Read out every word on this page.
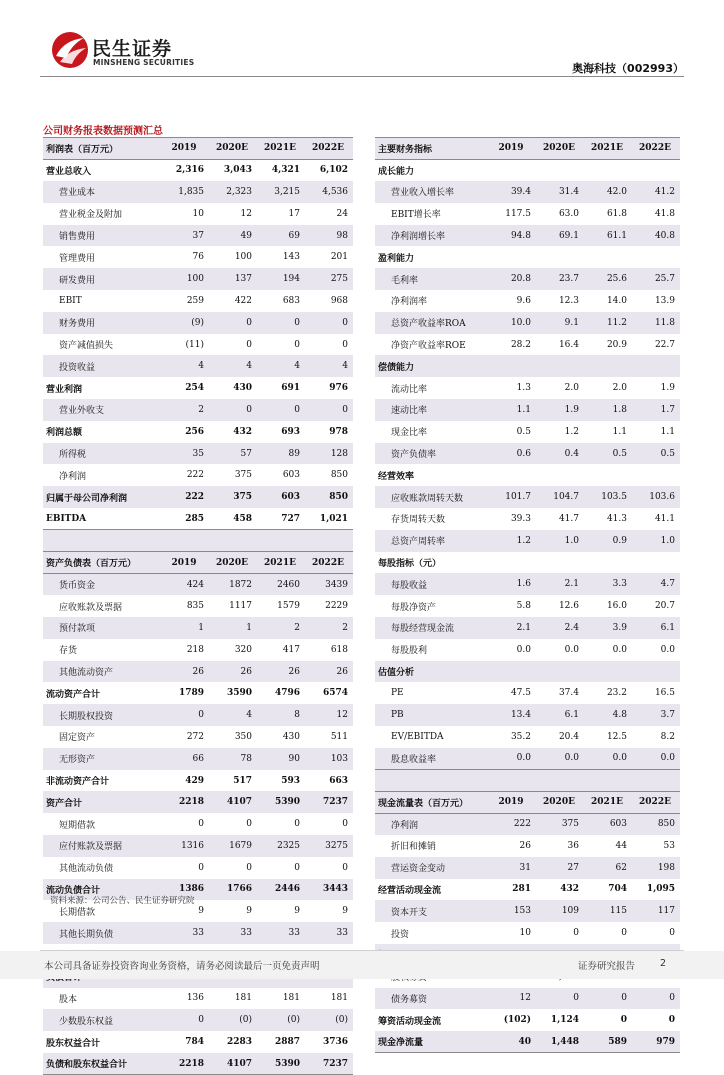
民生证券
MINSHENG SECURITIES	奥海科技（002993）
公司财务报表数据预测汇总
利润表（百万元）	2019	2020E	2021E	2022E
营业总收入	2,316	3,043	4,321	6,102
营业成本	1,835	2,323	3,215	4,536
营业税金及附加	10	12	17	24
销售费用	37	49	69	98
管理费用	76	100	143	201
研发费用	100	137	194	275
EBIT	259	422	683	968
财务费用	(9)	0	0	0
资产减值损失	(11)	0	0	0
投资收益	4	4	4	4
营业利润	254	430	691	976
营业外收支	2	0	0	0
利润总额	256	432	693	978
所得税	35	57	89	128
净利润	222	375	603	850
归属于母公司净利润	222	375	603	850
EBITDA	285	458	727	1,021

资产负债表（百万元）	2019	2020E	2021E	2022E
货币资金	424	1872	2460	3439
应收账款及票据	835	1117	1579	2229
预付款项	1	1	2	2
存货	218	320	417	618
其他流动资产	26	26	26	26
流动资产合计	1789	3590	4796	6574
长期股权投资	0	4	8	12
固定资产	272	350	430	511
无形资产	66	78	90	103
非流动资产合计	429	517	593	663
资产合计	2218	4107	5390	7237
短期借款	0	0	0	0
应付账款及票据	1316	1679	2325	3275
其他流动负债	0	0	0	0
流动负债合计	1386	1766	2446	3443
长期借款	9	9	9	9
其他长期负债	33	33	33	33

股本	136	181	181	181
少数股东权益	0	(0)	(0)	(0)
股东权益合计	784	2283	2887	3736
负债和股东权益合计	2218	4107	5390	7237
主要财务指标	2019	2020E	2021E	2022E
成长能力				
营业收入增长率	39.4	31.4	42.0	41.2
EBIT增长率	117.5	63.0	61.8	41.8
净利润增长率	94.8	69.1	61.1	40.8
盈利能力				
毛利率	20.8	23.7	25.6	25.7
净利润率	9.6	12.3	14.0	13.9
总资产收益率ROA	10.0	9.1	11.2	11.8
净资产收益率ROE	28.2	16.4	20.9	22.7
偿债能力				
流动比率	1.3	2.0	2.0	1.9
速动比率	1.1	1.9	1.8	1.7
现金比率	0.5	1.2	1.1	1.1
资产负债率	0.6	0.4	0.5	0.5
经营效率				
应收账款周转天数	101.7	104.7	103.5	103.6
存货周转天数	39.3	41.7	41.3	41.1
总资产周转率	1.2	1.0	0.9	1.0
每股指标（元）				
每股收益	1.6	2.1	3.3	4.7
每股净资产	5.8	12.6	16.0	20.7
每股经营现金流	2.1	2.4	3.9	6.1
每股股利	0.0	0.0	0.0	0.0
估值分析				
PE	47.5	37.4	23.2	16.5
PB	13.4	6.1	4.8	3.7
EV/EBITDA	35.2	20.4	12.5	8.2
股息收益率	0.0	0.0	0.0	0.0

现金流量表（百万元）	2019	2020E	2021E	2022E
净利润	222	375	603	850
折旧和摊销	26	36	44	53
营运资金变动	31	27	62	198
经营活动现金流	281	432	704	1,095
资本开支	153	109	115	117
投资	10	0	0	0

债务募资	12	0	0	0
筹资活动现金流	(102)	1,124	0	0
现金净流量	40	1,448	589	979
资料来源：公司公告、民生证券研究院
本公司具备证券投资咨询业务资格，请务必阅读最后一页免责声明	证券研究报告	2
